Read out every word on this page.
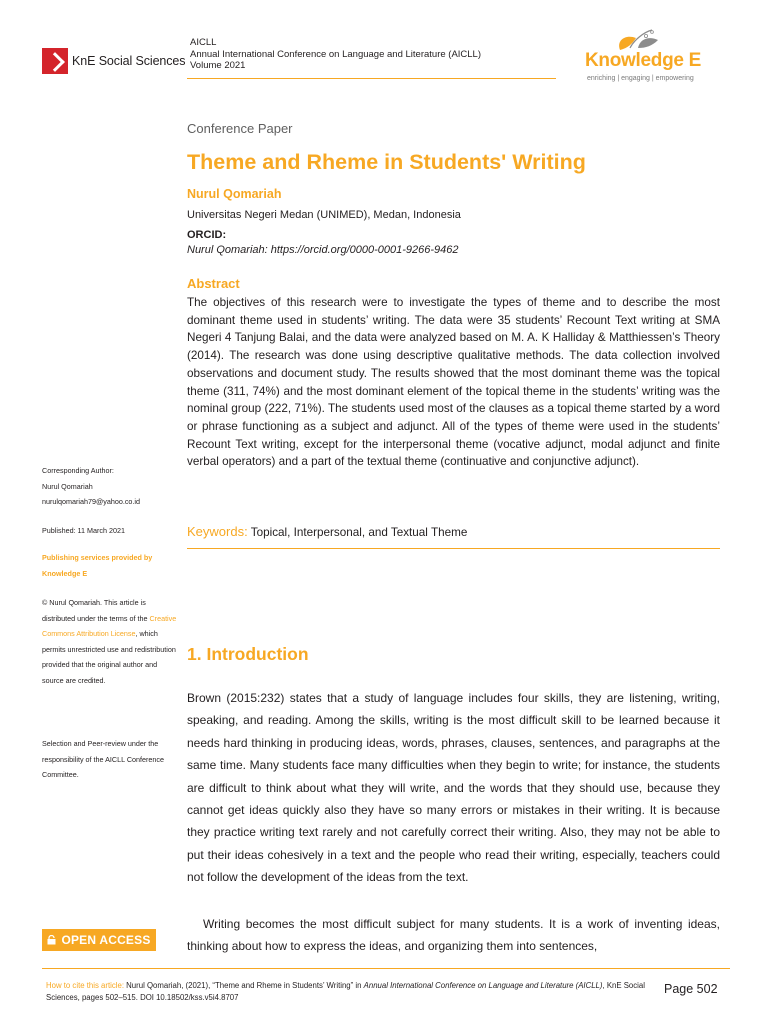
KnE Social Sciences
AICLL
Annual International Conference on Language and Literature (AICLL)
Volume 2021	Knowledge E
enriching | engaging | empowering
Conference Paper
Theme and Rheme in Students' Writing
Nurul Qomariah
Universitas Negeri Medan (UNIMED), Medan, Indonesia
ORCID:
Nurul Qomariah: https://orcid.org/0000-0001-9266-9462
Abstract

The objectives of this research were to investigate the types of theme and to describe the most dominant theme used in students’ writing. The data were 35 students’ Recount Text writing at SMA Negeri 4 Tanjung Balai, and the data were analyzed based on M. A. K Halliday & Matthiessen’s Theory (2014). The research was done using descriptive qualitative methods. The data collection involved observations and document study. The results showed that the most dominant theme was the topical theme (311, 74%) and the most dominant element of the topical theme in the students’ writing was the nominal group (222, 71%). The students used most of the clauses as a topical theme started by a word or phrase functioning as a subject and adjunct. All of the types of theme were used in the students’ Recount Text writing, except for the interpersonal theme (vocative adjunct, modal adjunct and finite verbal operators) and a part of the textual theme (continuative and conjunctive adjunct).

Keywords: Topical, Interpersonal, and Textual Theme
Corresponding Author:
Nurul Qomariah
nurulqomariah79@yahoo.co.id
Published: 11 March 2021
Publishing services provided by Knowledge E
© Nurul Qomariah. This article is distributed under the terms of the Creative Commons Attribution License, which permits unrestricted use and redistribution provided that the original author and source are credited.
Selection and Peer-review under the responsibility of the AICLL Conference Committee.
OPEN ACCESS
1. Introduction

Brown (2015:232) states that a study of language includes four skills, they are listening, writing, speaking, and reading. Among the skills, writing is the most difficult skill to be learned because it needs hard thinking in producing ideas, words, phrases, clauses, sentences, and paragraphs at the same time. Many students face many difficulties when they begin to write; for instance, the students are difficult to think about what they will write, and the words that they should use, because they cannot get ideas quickly also they have so many errors or mistakes in their writing. It is because they practice writing text rarely and not carefully correct their writing. Also, they may not be able to put their ideas cohesively in a text and the people who read their writing, especially, teachers could not follow the development of the ideas from the text.

Writing becomes the most difficult subject for many students. It is a work of inventing ideas, thinking about how to express the ideas, and organizing them into sentences,

How to cite this article: Nurul Qomariah, (2021), “Theme and Rheme in Students’ Writing” in Annual International Conference on Language and Literature (AICLL), KnE Social Sciences, pages 502–515. DOI 10.18502/kss.v5i4.8707
Page 502
